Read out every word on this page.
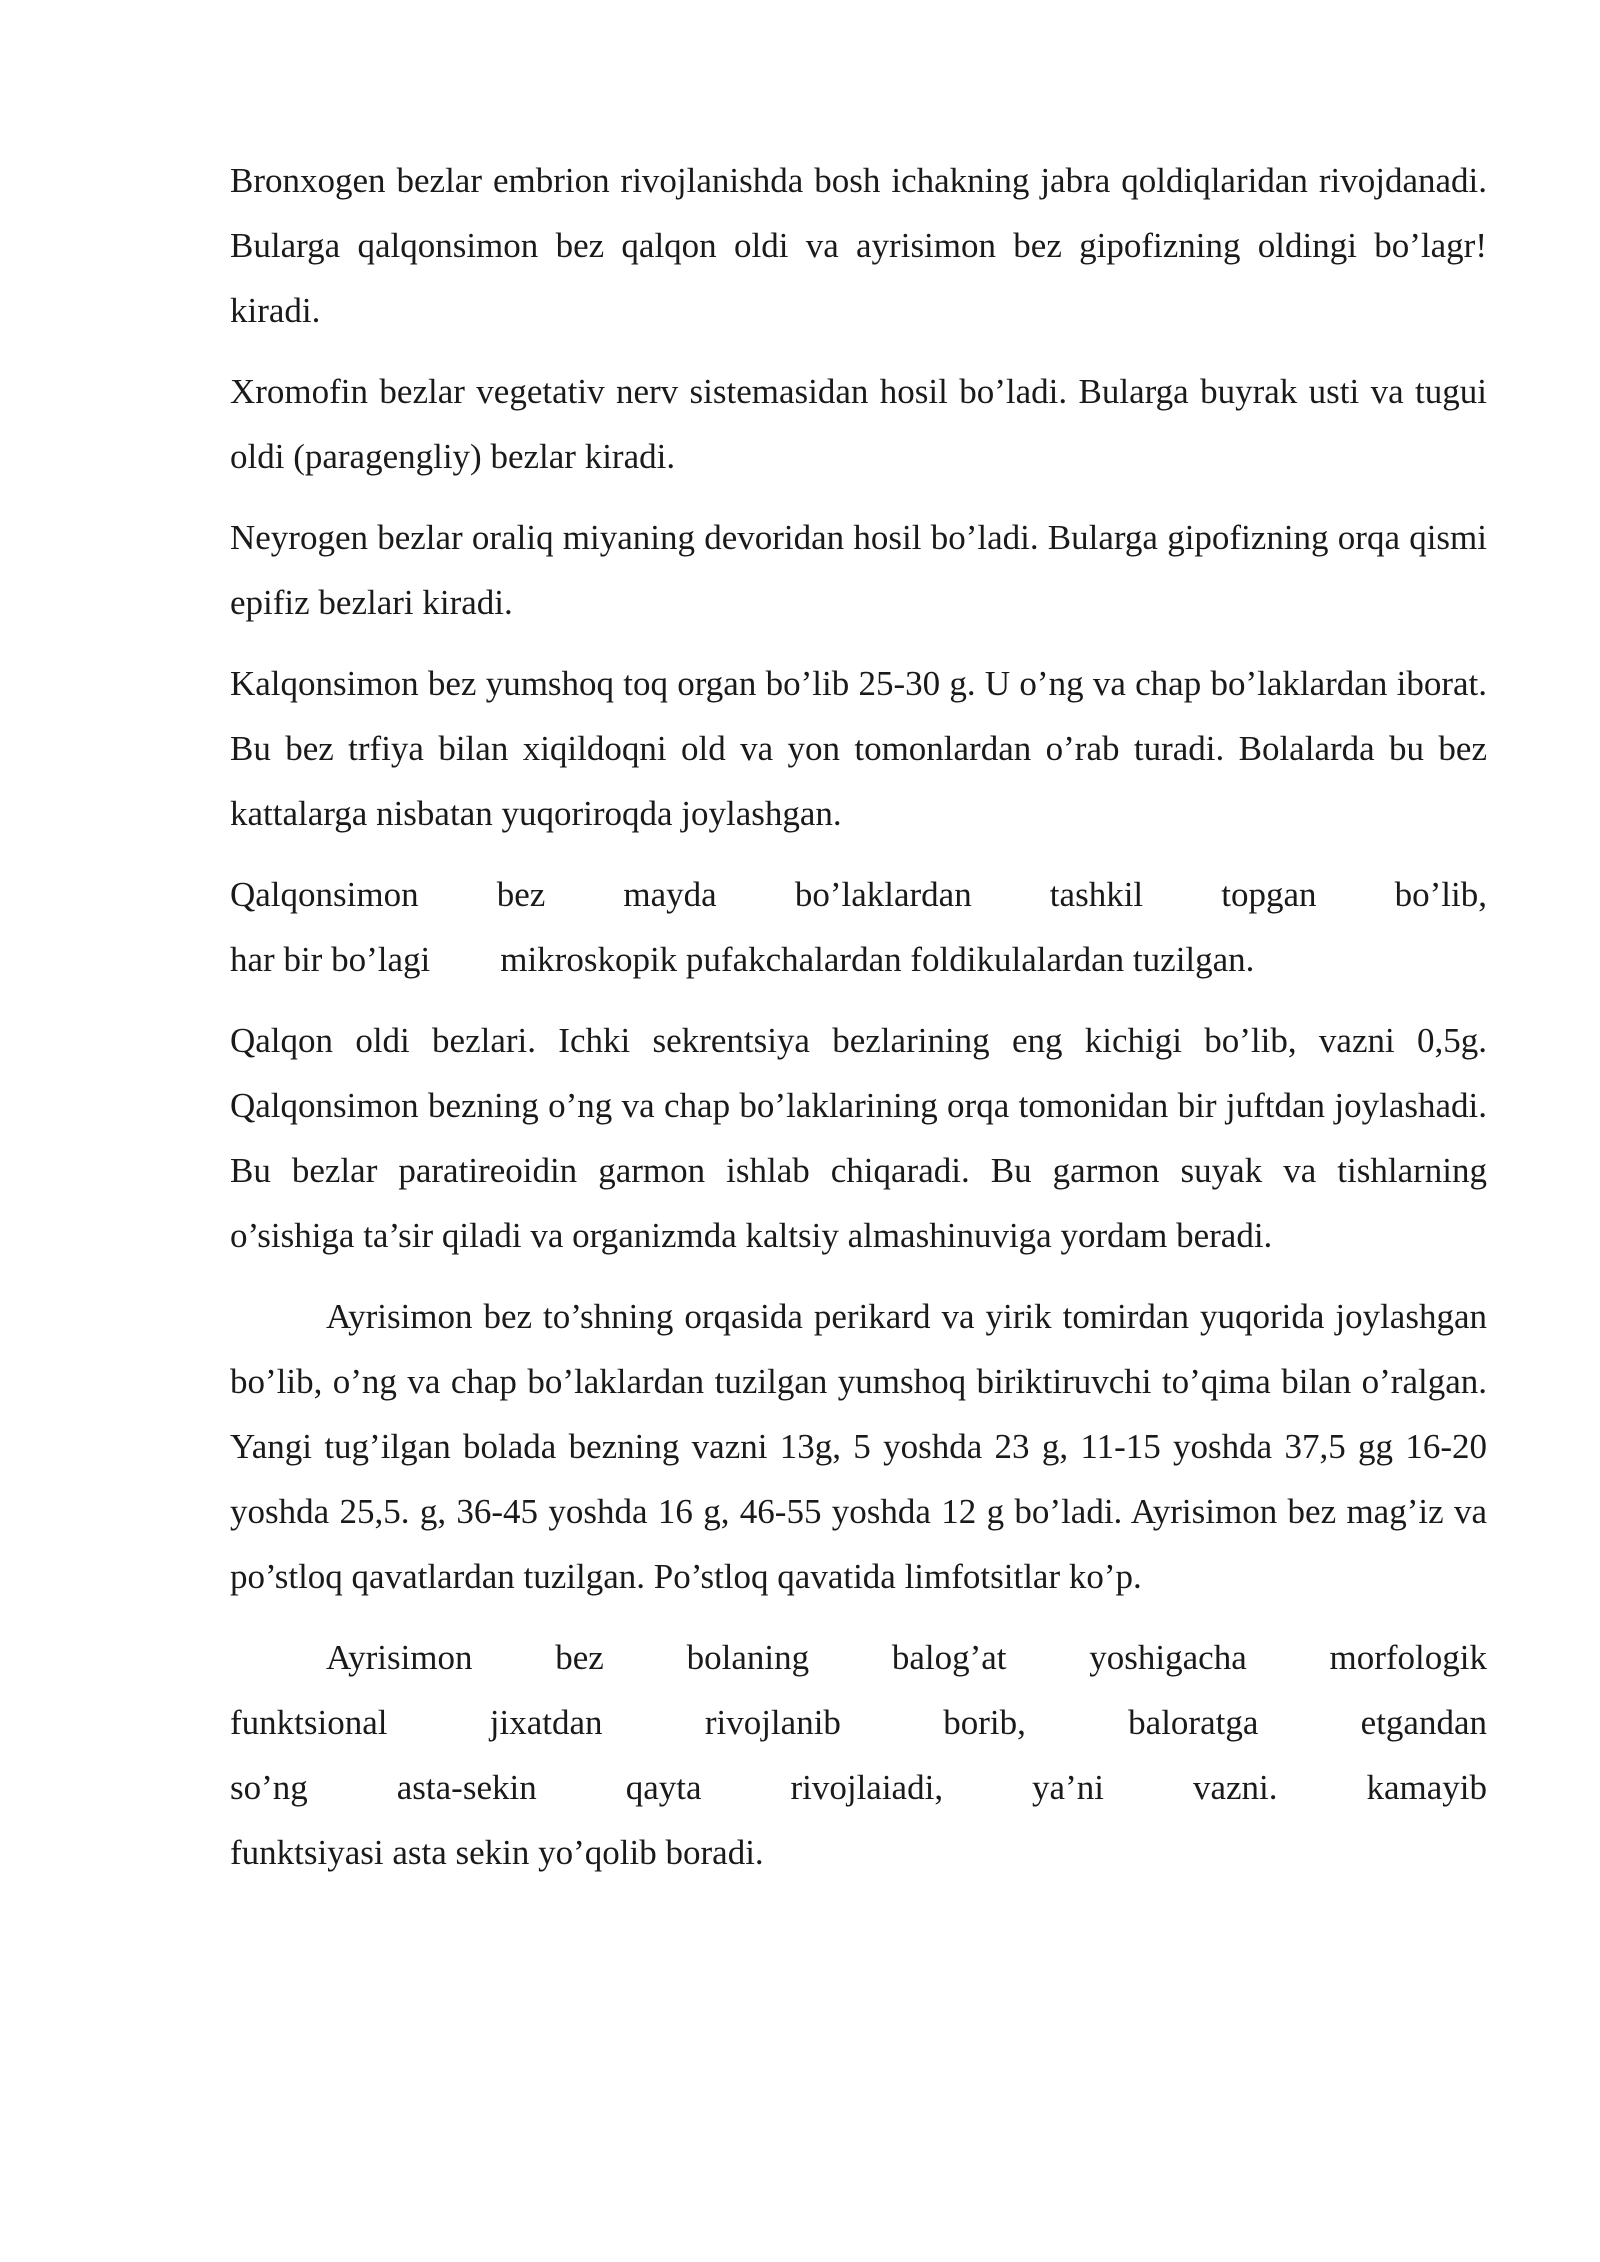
Bronxogen bezlar embrion rivojlanishda bosh ichakning jabra qoldiqlaridan rivojdanadi. Bulаrgа qalqonsimon bez qalqon oldi va ayrisimon bez gipofizning oldingi bo’lagr! kiradi.

Xromofin bezlar vegetativ nerv sistemasidan hosil bo’ladi. Bularga buyrak usti va tugui oldi (paragengliy) bezlar kiradi.

Neyrogen bezlar oraliq miyaning devoridan hosil bo’ladi. Bularga gipofizning orqa qismi epifiz bezlari kiradi.

Kalqonsimon bez yumshoq toq organ bo’lib 25-30 g. U o’ng va chap bo’laklardan iborat. Bu bez trfiya bilan xiqildoqni old va yon tomonlardan o’rab turadi. Bolalarda bu bez kattalarga nisbatan yuqoriroqda joylashgan.

Qalqonsimon bez mayda bo’laklardan tashkil topgan bo’lib,
har bir bo’lagi mikroskopik pufakchalardan foldikulalardan tuzilgan.

Qalqon oldi bezlari. Ichki sekrentsiya bezlarining eng kichigi bo’lib, vazni 0,5g. Qalqonsimon bezning o’ng va chap bo’laklarining orqa tomonidan bir juftdan joylashadi. Bu bezlar paratireoidin garmon ishlab chiqaradi. Bu garmon suyak va tishlarning o’sishiga ta’sir qiladi va organizmda kaltsiy almashinuviga yordam beradi.

Ayrisimon bez to’shning orqasida perikard va yirik tomirdan yuqorida joylashgan bo’lib, o’ng va chap bo’laklardan tuzilgan yumshoq biriktiruvchi to’qima bilan o’ralgan. Yangi tug’ilgan bolada bezning vazni 13g, 5 yoshda 23 g, 11-15 yoshda 37,5 gg 16-20 yoshda 25,5. g, 36-45 yoshda 16 g, 46-55 yoshda 12 g bo’ladi. Ayrisimon bez mag’iz va po’stloq qavatlardan tuzilgan. Po’stloq qavatida limfotsitlar ko’p.

Ayrisimon bez bolaning balog’at yoshigacha morfologik
funktsional jixatdan rivojlanib borib, baloratga etgandan
so’ng asta-sekin qayta rivojlaiadi, ya’ni vazni. kamayib
funktsiyasi asta sekin yo’qolib boradi.
